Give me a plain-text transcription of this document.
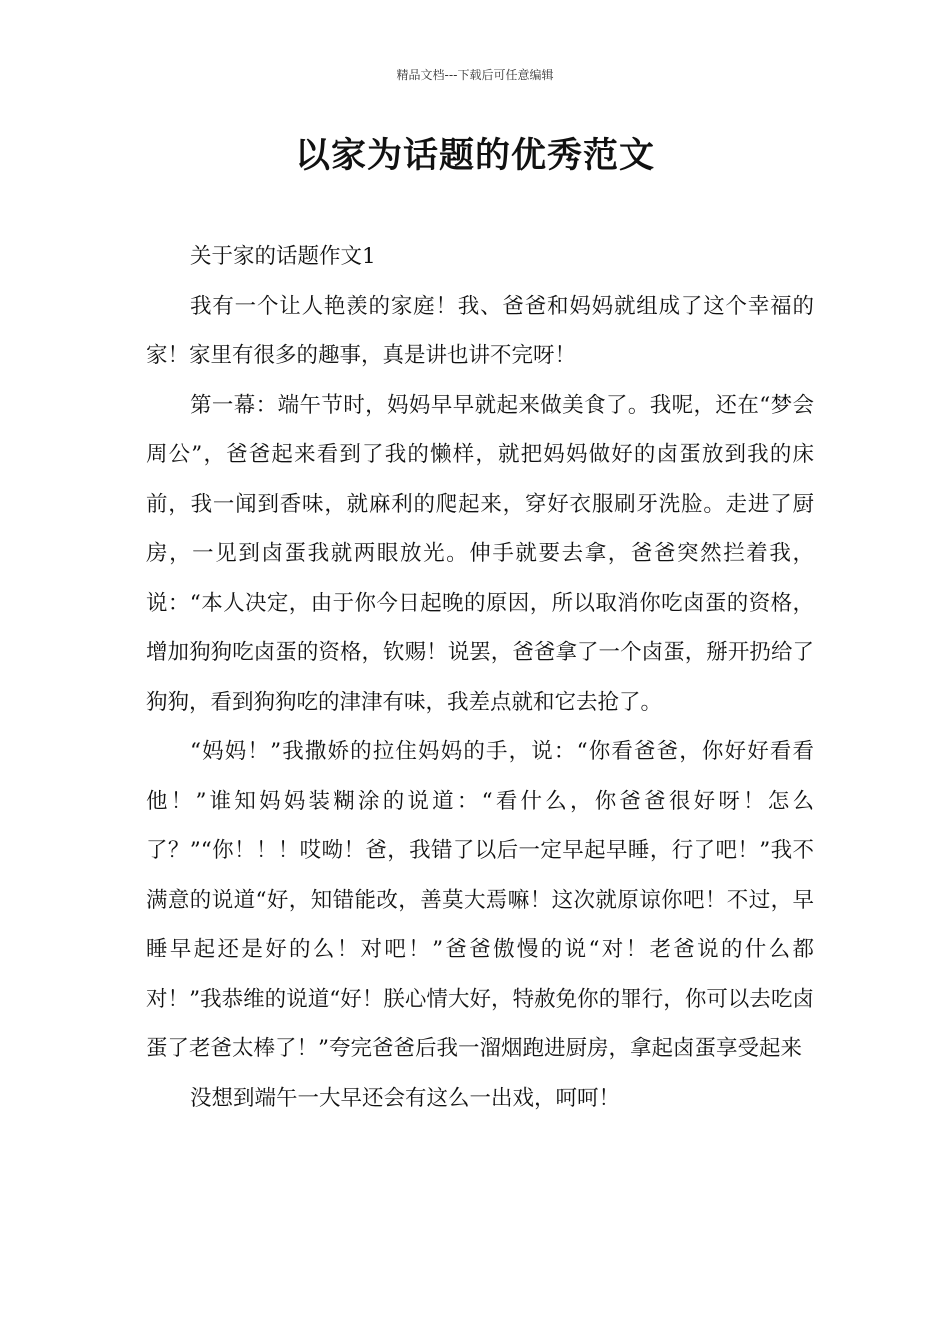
精品文档---下载后可任意编辑
以家为话题的优秀范文

关于家的话题作文1

我有一个让人艳羡的家庭！我、爸爸和妈妈就组成了这个幸福的家！家里有很多的趣事，真是讲也讲不完呀！

第一幕：端午节时，妈妈早早就起来做美食了。我呢，还在“梦会周公”，爸爸起来看到了我的懒样，就把妈妈做好的卤蛋放到我的床前，我一闻到香味，就麻利的爬起来，穿好衣服刷牙洗脸。走进了厨房，一见到卤蛋我就两眼放光。伸手就要去拿，爸爸突然拦着我，说：“本人决定，由于你今日起晚的原因，所以取消你吃卤蛋的资格，增加狗狗吃卤蛋的资格，钦赐！说罢，爸爸拿了一个卤蛋，掰开扔给了狗狗，看到狗狗吃的津津有味，我差点就和它去抢了。

“妈妈！”我撒娇的拉住妈妈的手，说：“你看爸爸，你好好看看他！”谁知妈妈装糊涂的说道：“看什么，你爸爸很好呀！怎么了？”“你！！！哎呦！爸，我错了以后一定早起早睡，行了吧！”我不满意的说道“好，知错能改，善莫大焉嘛！这次就原谅你吧！不过，早睡早起还是好的么！对吧！”爸爸傲慢的说“对！老爸说的什么都对！”我恭维的说道“好！朕心情大好，特赦免你的罪行，你可以去吃卤蛋了老爸太棒了！”夸完爸爸后我一溜烟跑进厨房，拿起卤蛋享受起来

没想到端午一大早还会有这么一出戏，呵呵！
